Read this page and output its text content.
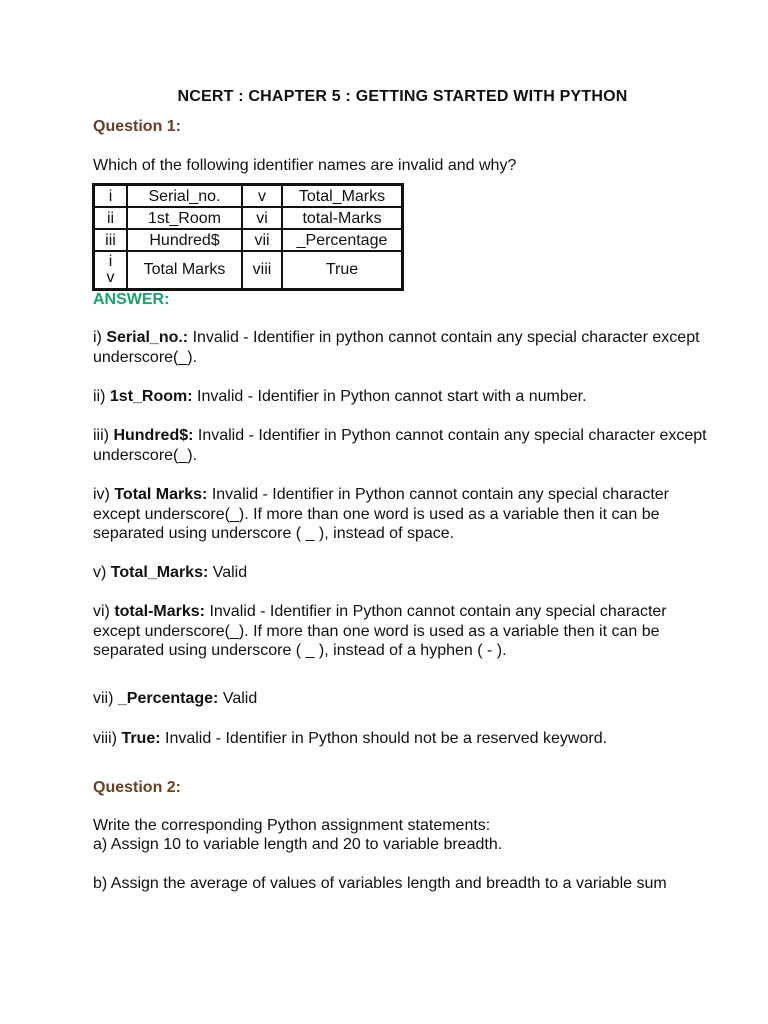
NCERT : CHAPTER 5 : GETTING STARTED WITH PYTHON
Question 1:
Which of the following identifier names are invalid and why?
i	Serial_no.	v	Total_Marks
ii	1st_Room	vi	total-Marks
iii	Hundred$	vii	_Percentage
i v	Total Marks	viii	True
ANSWER:
i) Serial_no.: Invalid - Identifier in python cannot contain any special character except underscore(_).
ii) 1st_Room: Invalid - Identifier in Python cannot start with a number.
iii) Hundred$: Invalid - Identifier in Python cannot contain any special character except underscore(_).
iv) Total Marks: Invalid - Identifier in Python cannot contain any special character except underscore(_). If more than one word is used as a variable then it can be separated using underscore ( _ ), instead of space.
v) Total_Marks: Valid
vi) total-Marks: Invalid - Identifier in Python cannot contain any special character except underscore(_). If more than one word is used as a variable then it can be separated using underscore ( _ ), instead of a hyphen ( - ).
vii) _Percentage: Valid
viii) True: Invalid - Identifier in Python should not be a reserved keyword.
Question 2:
Write the corresponding Python assignment statements:
a) Assign 10 to variable length and 20 to variable breadth.
b) Assign the average of values of variables length and breadth to a variable sum
